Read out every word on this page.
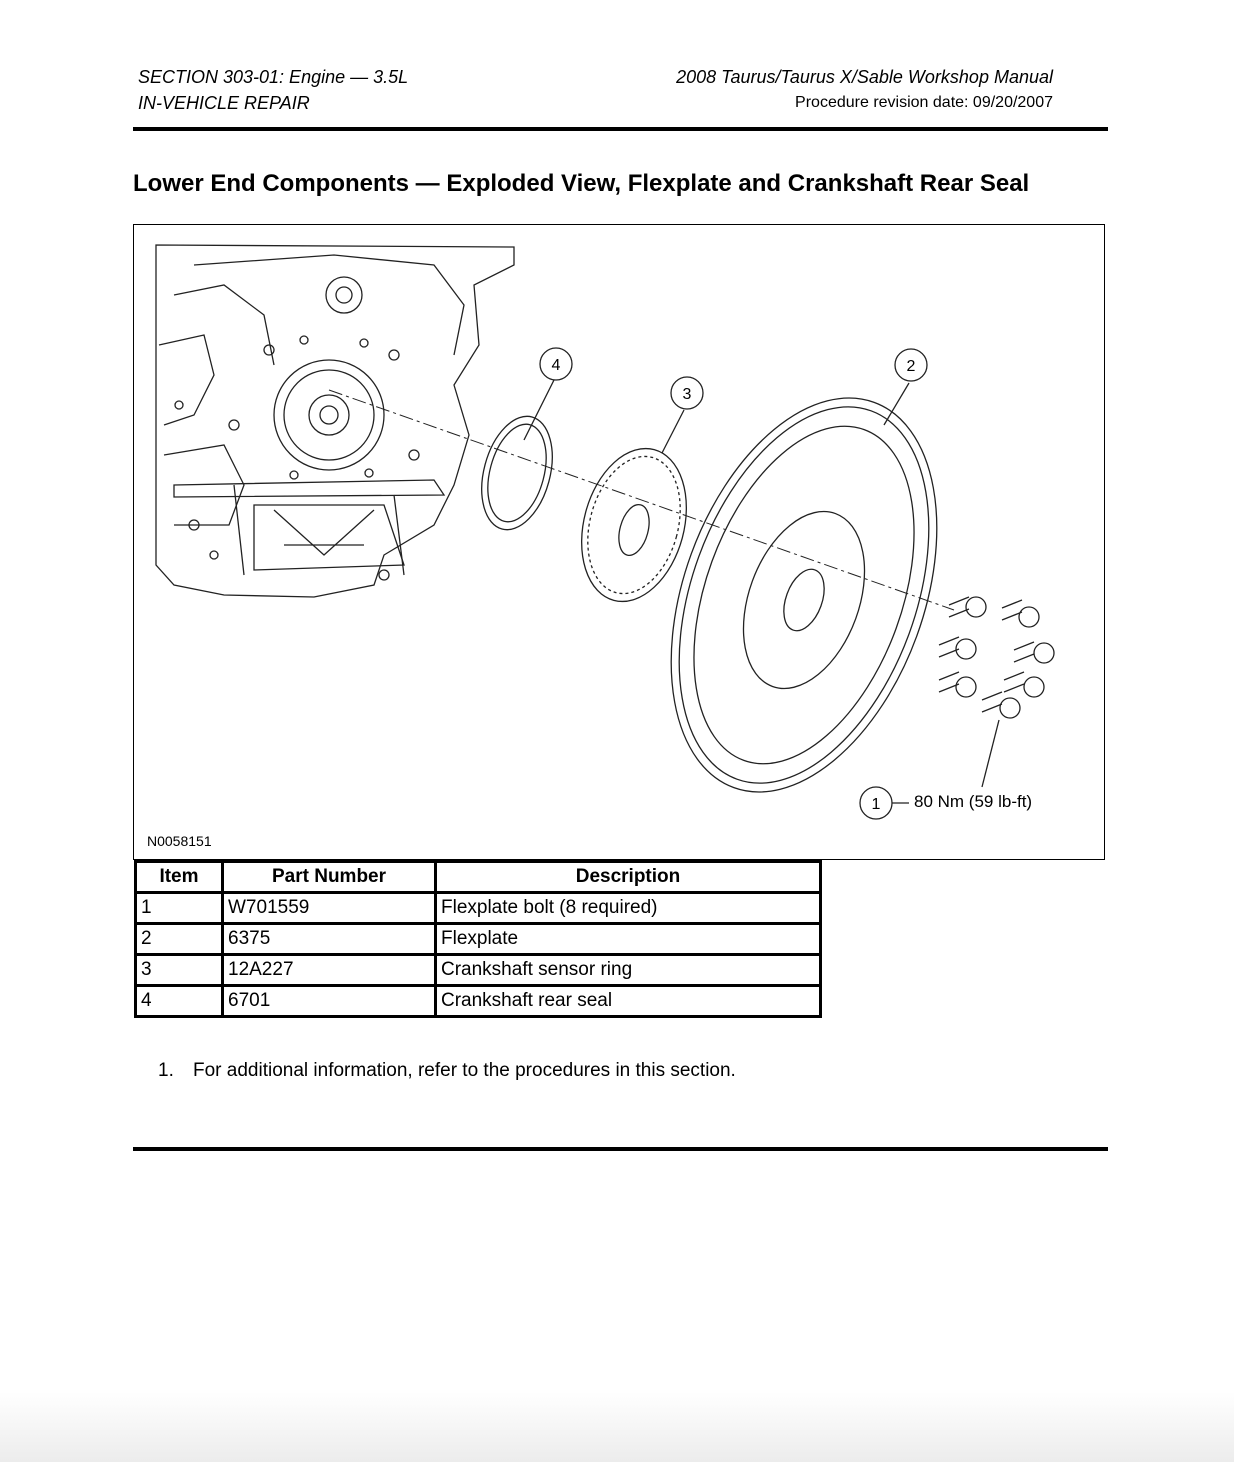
SECTION 303-01: Engine — 3.5L
IN-VEHICLE REPAIR
2008 Taurus/Taurus X/Sable Workshop Manual
Procedure revision date: 09/20/2007
Lower End Components — Exploded View, Flexplate and Crankshaft Rear Seal
1
2
3
4
80 Nm (59 lb-ft)
N0058151
Item	Part Number	Description
1	W701559	Flexplate bolt (8 required)
2	6375	Flexplate
3	12A227	Crankshaft sensor ring
4	6701	Crankshaft rear seal
1. For additional information, refer to the procedures in this section.
